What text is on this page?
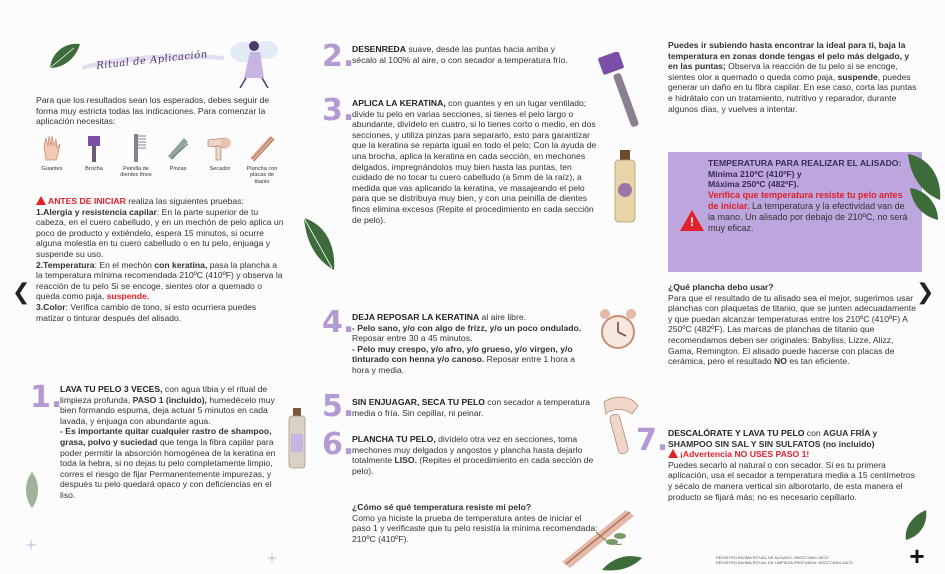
❮	❯
+
Ritual de Aplicación
Para que los resultados sean los esperados, debes seguir de forma muy estricta todas las indicaciones. Para comenzar la aplicación necesitas:
Guantes	Brocha	Peinilla de dientes finos
Pinzas	Secador	Plancha con placas de titanio

ANTES DE INICIAR realiza las siguientes pruebas:

1.Alergia y resistencia capilar: En la parte superior de tu cabeza, en el cuero cabelludo, y en un mechón de pelo aplica un poco de producto y extiéndelo, espera 15 minutos, si ocurre alguna molestia en tu cuero cabelludo o en tu pelo, enjuaga y suspende su uso.

2.Temperatura: En el mechón con keratina, pasa la plancha a la temperatura mínima recomendada 210ºC (410ºF) y observa la reacción de tu pelo Si se encoge, sientes olor a quemado o queda como paja, suspende.

3.Color: Verifica cambio de tono, si esto ocurriera puedes matizar o tinturar después del alisado.

1.

LAVA TU PELO 3 VECES, con agua tibia y el ritual de limpieza profunda, PASO 1 (incluido), humedécelo muy bien formando espuma, deja actuar 5 minutos en cada lavada, y enjuaga con abundante agua.

- Es importante quitar cualquier rastro de shampoo, grasa, polvo y suciedad que tenga la fibra capilar para poder permitir la absorción homogénea de la keratina en toda la hebra, si no dejas tu pelo completamente limpio, corres el riesgo de fijar Permanentemente impurezas, y después tu pelo quedará opaco y con deficiencias en el liso.

2.

DESENREDA suave, desde las puntas hacia arriba y sécalo al 100% al aire, o con secador a temperatura frío.

3.

APLICA LA KERATINA, con guantes y en un lugar ventilado; divide tu pelo en varias secciones, si tienes el pelo largo o abundante, divídelo en cuatro, si lo tienes corto o medio, en dos secciones, y utiliza pinzas para separarlo, esto para garantizar que la keratina se reparta igual en todo el pelo; Con la ayuda de una brocha, aplica la keratina en cada sección, en mechones delgados, impregnándolos muy bien hasta las puntas, ten cuidado de no tocar tu cuero cabelludo (a 5mm de la raíz), a medida que vas aplicando la keratina, ve masajeando el pelo para que se distribuya muy bien, y con una peinilla de dientes finos elimina excesos (Repite el procedimiento en cada sección de pelo).

4.

DEJA REPOSAR LA KERATINA al aire libre.

- Pelo sano, y/o con algo de frizz, y/o un poco ondulado. Reposar entre 30 a 45 minutos.

- Pelo muy crespo, y/o afro, y/o grueso, y/o virgen, y/o tinturado con henna y/o canoso. Reposar entre 1 hora a hora y media.

5.

SIN ENJUAGAR, SECA TU PELO con secador a temperatura media o fría. Sin cepillar, ni peinar.

6.

PLANCHA TU PELO, divídelo otra vez en secciones, toma mechones muy delgados y angostos y plancha hasta dejarlo totalmente LISO. (Repites el procedimiento en cada sección de pelo).

¿Cómo sé qué temperatura resiste mi pelo?

Como ya hiciste la prueba de temperatura antes de iniciar el paso 1 y verificaste que tu pelo resistía la mínima recomendada: 210ºC (410ºF).

Puedes ir subiendo hasta encontrar la ideal para ti, baja la temperatura en zonas donde tengas el pelo más delgado, y en las puntas; Observa la reacción de tu pelo si se encoge, sientes olor a quemado o queda como paja, suspende, puedes generar un daño en tu fibra capilar. En ese caso, corta las puntas e hidrátalo con un tratamiento, nutritivo y reparador, durante algunos días, y vuelves a intentar.

!

TEMPERATURA PARA REALIZAR EL ALISADO:

Mínima 210ºC (410ºF) y

Máxima 250ºC (482ºF).

Verifica que temperatura resiste tu pelo antes de iniciar. La temperatura y la efectividad van de la mano. Un alisado por debajo de 210ºC, no será muy eficaz.

¿Qué plancha debo usar?

Para que el resultado de tu alisado sea el mejor, sugerimos usar planchas con plaquetas de titanio, que se junten adecuadamente y que puedan alcanzar temperaturas entre los 210ºC (410ºF) A 250ºC (482ºF). Las marcas de planchas de titanio que recomendamos deben ser originales: Babyliss, Lizze, Alizz, Gama, Remington. El alisado puede hacerse con placas de cerámica, pero el resultado NO es tan eficiente.

7. DESCALÓRATE Y LAVA TU PELO con AGUA FRÍA y SHAMPOO SIN SAL Y SIN SULFATOS (no incluido)

¡Advertencia NO USES PASO 1!

Puedes secarlo al natural o con secador. Si es tu primera aplicación, usa el secador a temperatura media a 15 centímetros y sécalo de manera vertical sin alborotarlo, de esta manera el producto se fijará más; no es necesario cepillarlo.

REGISTRO INVIMA RITUAL DE ALISADO: NSOC74062-18CO

REGISTRO INVIMA RITUAL DE LIMPIEZA PROFUNDA: NSOC74064-18CO
